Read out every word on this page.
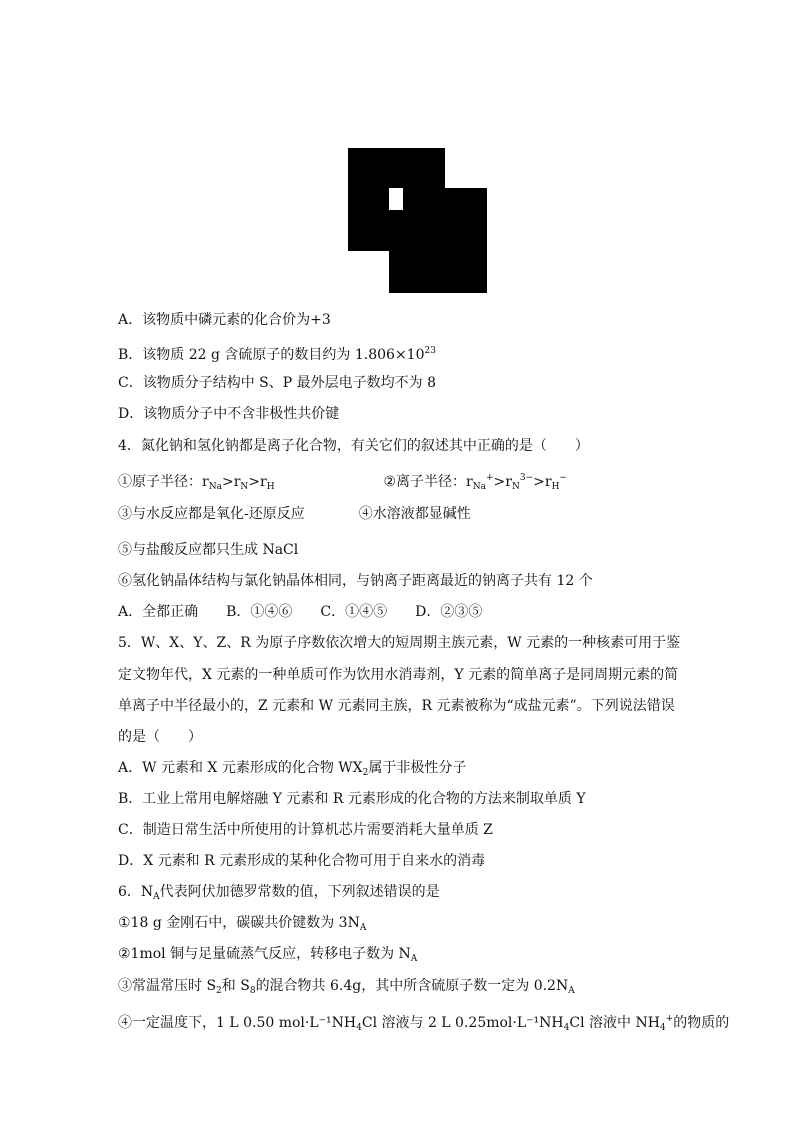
A．该物质中磷元素的化合价为+3
B．该物质 22 g 含硫原子的数目约为 $1.806\times 10^{23}$
C．该物质分子结构中 S、P 最外层电子数均不为 8
D．该物质分子中不含非极性共价键
4．氮化钠和氢化钠都是离子化合物，有关它们的叙述其中正确的是（　　）
①原子半径：$r_{Na}>r_N>r_H$	②离子半径：$r_{Na}^+>r_N^{3-}>r_H^-$
③与水反应都是氧化-还原反应	④水溶液都显碱性
⑤与盐酸反应都只生成 NaCl
⑥氢化钠晶体结构与氯化钠晶体相同，与钠离子距离最近的钠离子共有 12 个
A．全都正确　　B．①④⑥　　C．①④⑤　　D．②③⑤
5．W、X、Y、Z、R 为原子序数依次增大的短周期主族元素，W 元素的一种核素可用于鉴
定文物年代，X 元素的一种单质可作为饮用水消毒剂，Y 元素的简单离子是同周期元素的简
单离子中半径最小的，Z 元素和 W 元素同主族，R 元素被称为“成盐元素”。下列说法错误
的是（　　）
A．W 元素和 X 元素形成的化合物 $WX_2$属于非极性分子
B．工业上常用电解熔融 Y 元素和 R 元素形成的化合物的方法来制取单质 Y
C．制造日常生活中所使用的计算机芯片需要消耗大量单质 Z
D．X 元素和 R 元素形成的某种化合物可用于自来水的消毒
6．$N_A$代表阿伏加德罗常数的值，下列叙述错误的是
①18 g 金刚石中，碳碳共价键数为 $3N_A$
②1mol 铜与足量硫蒸气反应，转移电子数为 $N_A$
③常温常压时 $S_2$和 $S_8$的混合物共 6.4g，其中所含硫原子数一定为 $0.2N_A$
④一定温度下，1 L 0.50 $mol\cdot L^{-1}NH_4Cl$ 溶液与 2 L $0.25mol\cdot L^{-1}NH_4Cl$ 溶液中 $NH_4^+$的物质的
